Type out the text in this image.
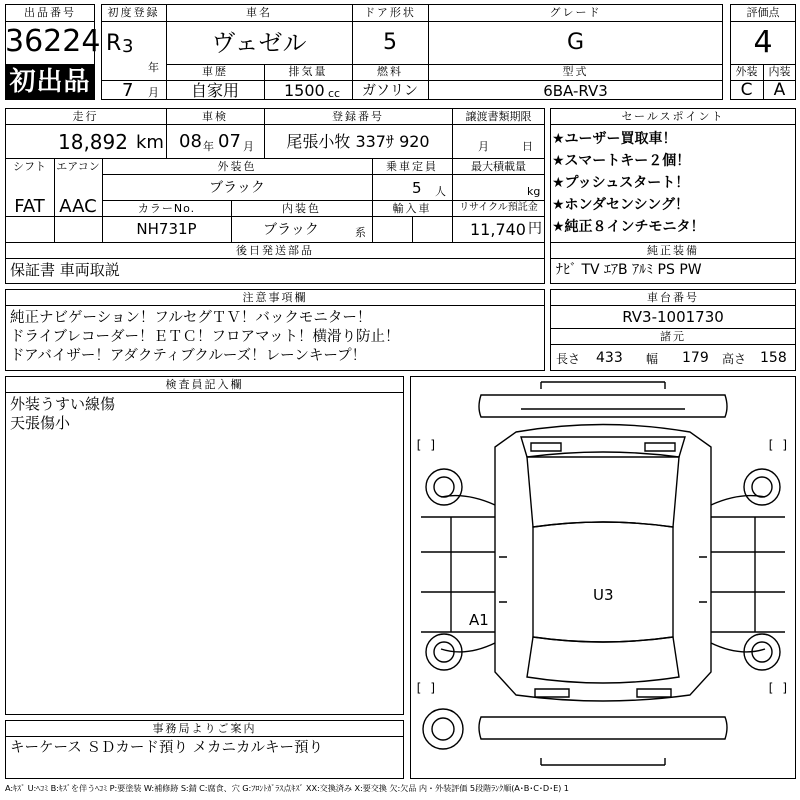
出品番号
36224
初出品
初度登録
R 3
年
7 月
車名
ヴェゼル
ドア形状
5
グレード
G
車歴
自家用
排気量
1500 cc
燃料
ガソリン
型式
6BA-RV3
評価点
4
外装	内装
C	A
走行
18,892 km
車検
08 年 07 月
登録番号
尾張小牧 337ｻ 920
譲渡書類期限
月	日
シフト
FAT
エアコン
AAC
外装色
ブラック
乗車定員
5 人
最大積載量
kg
カラーNo.
NH731P
内装色
ブラック	系
輸入車	リサイクル預託金
11,740 円
後日発送部品
保証書 車両取説
セールスポイント
★ユーザー買取車！
★スマートキー２個！
★プッシュスタート！
★ホンダセンシング！
★純正８インチモニタ！
純正装備
ﾅﾋﾞ TV ｴｱB ｱﾙﾐ PS PW
注意事項欄
純正ナビゲーション！フルセグＴＶ！バックモニター！
ドライブレコーダー！ＥＴＣ！フロアマット！横滑り防止！
ドアバイザー！アダクティブクルーズ！レーンキープ！
車台番号
RV3-1001730
諸元
長さ 433 幅 179 高さ 158
検査員記入欄
外装うすい線傷
天張傷小
[ ]	[ ]
[ ]	[ ]
U3
A1
事務局よりご案内
キーケース ＳＤカード預り メカニカルキー預り
A:ｷｽﾞ U:ﾍｺﾐ B:ｷｽﾞを伴うﾍｺﾐ P:要塗装 W:補修跡 S:錆 C:腐食、穴 G:ﾌﾛﾝﾄｶﾞﾗｽ点ｷｽﾞ XX:交換済み X:要交換 欠:欠品 内・外装評価 5段階ﾗﾝｸ順(A･B･C･D･E) 1
